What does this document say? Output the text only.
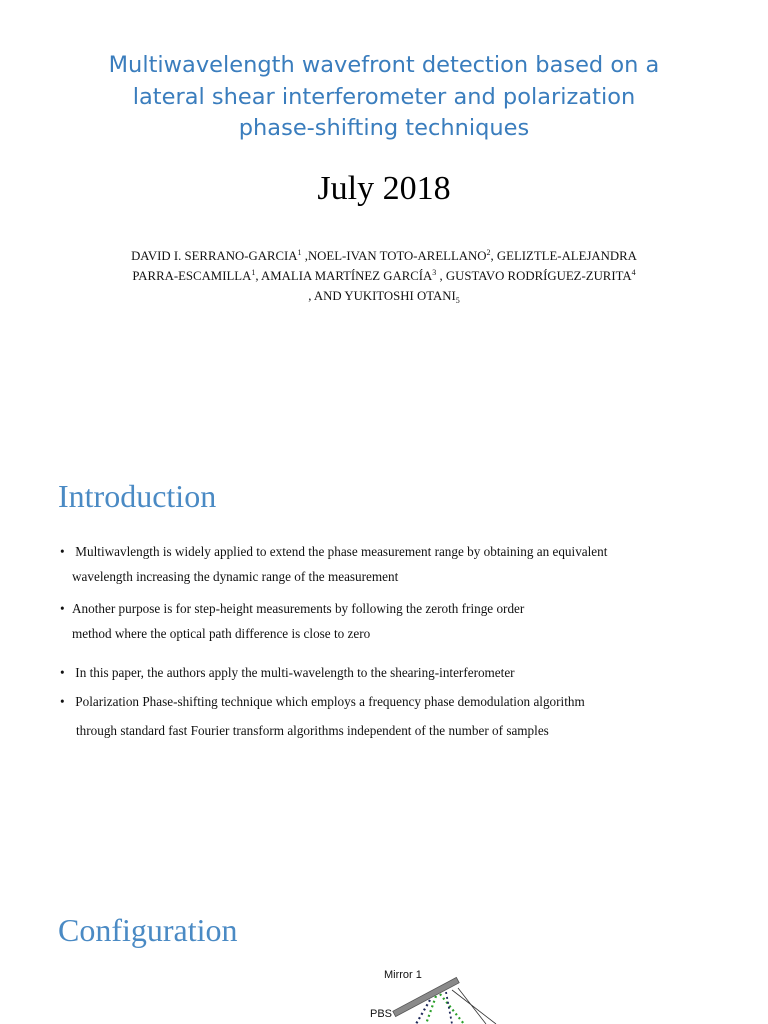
Multiwavelength wavefront detection based on a
lateral shear interferometer and polarization
phase-shifting techniques
July 2018
DAVID I. SERRANO-GARCIA$^1$ ,NOEL-IVAN TOTO-ARELLANO$^2$, GELIZTLE-ALEJANDRA
PARRA-ESCAMILLA$^1$, AMALIA MARTÍNEZ GARCÍA$^3$ , GUSTAVO RODRÍGUEZ-ZURITA$^4$
, AND YUKITOSHI $OTANI_5$
Introduction
• Multiwavlength is widely applied to extend the phase measurement range by obtaining an equivalent
wavelength increasing the dynamic range of the measurement
• Another purpose is for step-height measurements by following the zeroth fringe order
method where the optical path difference is close to zero
• In this paper, the authors apply the multi-wavelength to the shearing-interferometer
• Polarization Phase-shifting technique which employs a frequency phase demodulation algorithm
through standard fast Fourier transform algorithms independent of the number of samples
Configuration
Mirror 1
PBS
